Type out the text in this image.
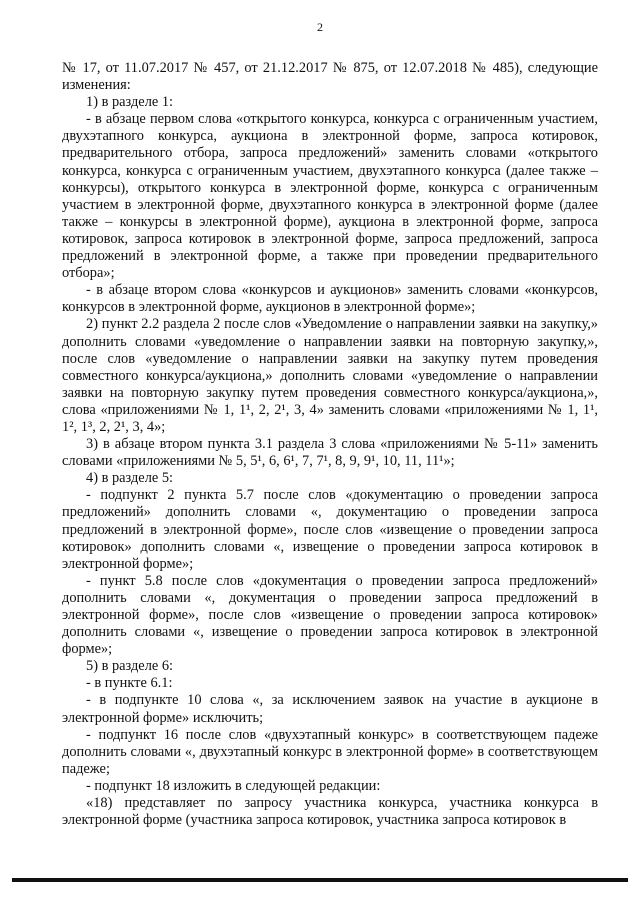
2

№ 17, от 11.07.2017 № 457, от 21.12.2017 № 875, от 12.07.2018 № 485), следующие изменения:

1) в разделе 1:

- в абзаце первом слова «открытого конкурса, конкурса с ограниченным участием, двухэтапного конкурса, аукциона в электронной форме, запроса котировок, предварительного отбора, запроса предложений» заменить словами «открытого конкурса, конкурса с ограниченным участием, двухэтапного конкурса (далее также – конкурсы), открытого конкурса в электронной форме, конкурса с ограниченным участием в электронной форме, двухэтапного конкурса в электронной форме (далее также – конкурсы в электронной форме), аукциона в электронной форме, запроса котировок, запроса котировок в электронной форме, запроса предложений, запроса предложений в электронной форме, а также при проведении предварительного отбора»;

- в абзаце втором слова «конкурсов и аукционов» заменить словами «конкурсов, конкурсов в электронной форме, аукционов в электронной форме»;

2) пункт 2.2 раздела 2 после слов «Уведомление о направлении заявки на закупку,» дополнить словами «уведомление о направлении заявки на повторную закупку,», после слов «уведомление о направлении заявки на закупку путем проведения совместного конкурса/аукциона,» дополнить словами «уведомление о направлении заявки на повторную закупку путем проведения совместного конкурса/аукциона,», слова «приложениями № 1, 1¹, 2, 2¹, 3, 4» заменить словами «приложениями № 1, 1¹, 1², 1³, 2, 2¹, 3, 4»;

3) в абзаце втором пункта 3.1 раздела 3 слова «приложениями № 5-11» заменить словами «приложениями № 5, 5¹, 6, 6¹, 7, 7¹, 8, 9, 9¹, 10, 11, 11¹»;

4) в разделе 5:

- подпункт 2 пункта 5.7 после слов «документацию о проведении запроса предложений» дополнить словами «, документацию о проведении запроса предложений в электронной форме», после слов «извещение о проведении запроса котировок» дополнить словами «, извещение о проведении запроса котировок в электронной форме»;

- пункт 5.8 после слов «документация о проведении запроса предложений» дополнить словами «, документация о проведении запроса предложений в электронной форме», после слов «извещение о проведении запроса котировок» дополнить словами «, извещение о проведении запроса котировок в электронной форме»;

5) в разделе 6:

- в пункте 6.1:

- в подпункте 10 слова «, за исключением заявок на участие в аукционе в электронной форме» исключить;

- подпункт 16 после слов «двухэтапный конкурс» в соответствующем падеже дополнить словами «, двухэтапный конкурс в электронной форме» в соответствующем падеже;

- подпункт 18 изложить в следующей редакции:

«18) представляет по запросу участника конкурса, участника конкурса в электронной форме (участника запроса котировок, участника запроса котировок в
